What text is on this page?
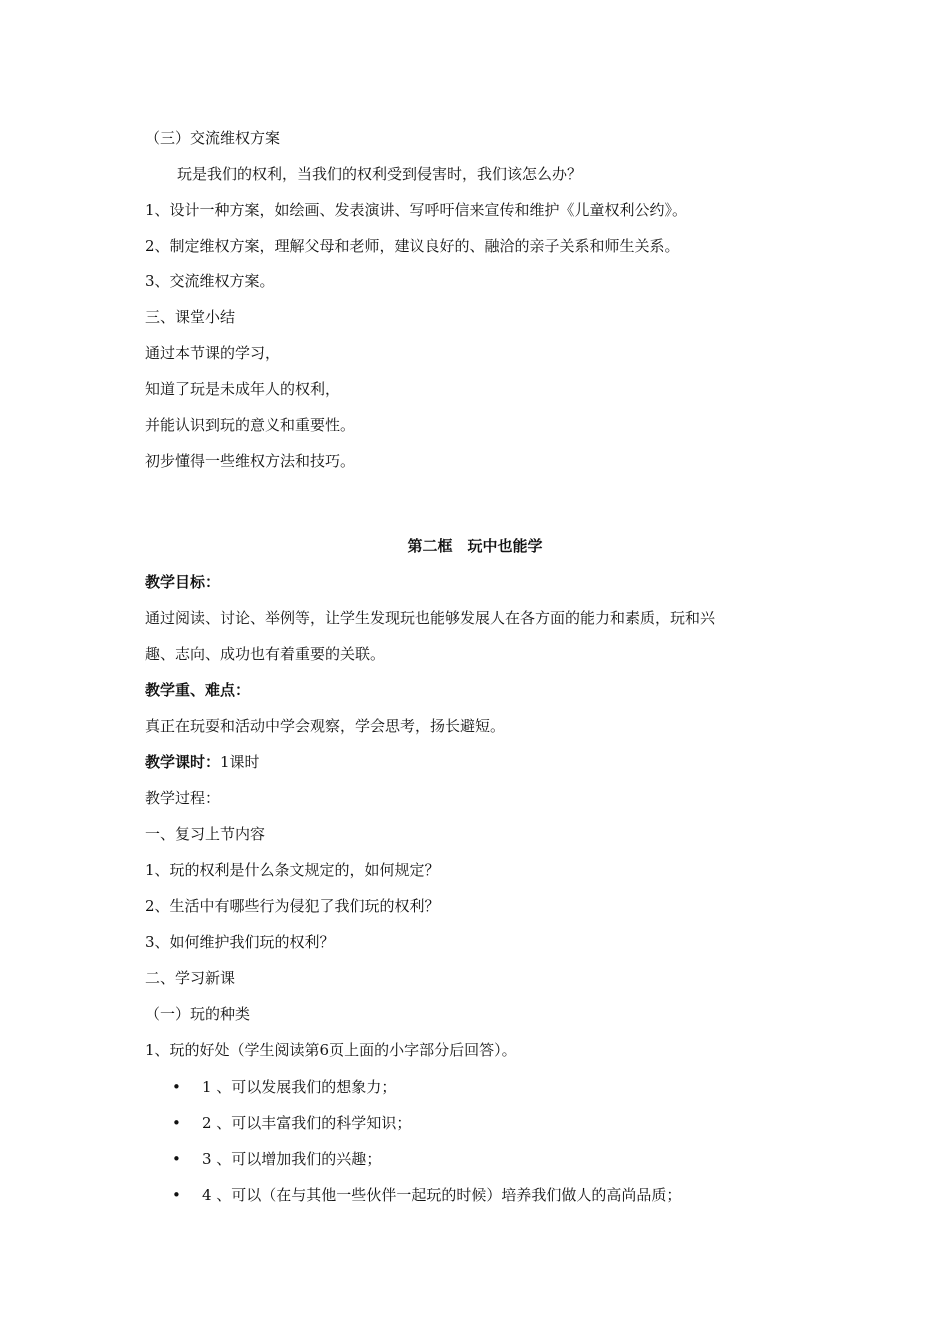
（三）交流维权方案
玩是我们的权利，当我们的权利受到侵害时，我们该怎么办？
1、设计一种方案，如绘画、发表演讲、写呼吁信来宣传和维护《儿童权利公约》。
2、制定维权方案，理解父母和老师，建议良好的、融洽的亲子关系和师生关系。
3、交流维权方案。
三、课堂小结
通过本节课的学习，
知道了玩是未成年人的权利，
并能认识到玩的意义和重要性。
初步懂得一些维权方法和技巧。
第二框　玩中也能学
教学目标：
通过阅读、讨论、举例等，让学生发现玩也能够发展人在各方面的能力和素质，玩和兴
趣、志向、成功也有着重要的关联。
教学重、难点：
真正在玩耍和活动中学会观察，学会思考，扬长避短。
教学课时：1课时
教学过程：
一、复习上节内容
1、玩的权利是什么条文规定的，如何规定？
2、生活中有哪些行为侵犯了我们玩的权利？
3、如何维护我们玩的权利？
二、学习新课
（一）玩的种类
1、玩的好处（学生阅读第6页上面的小字部分后回答）。
• 1 、可以发展我们的想象力；
• 2 、可以丰富我们的科学知识；
• 3 、可以增加我们的兴趣；
• 4 、可以（在与其他一些伙伴一起玩的时候）培养我们做人的高尚品质；
